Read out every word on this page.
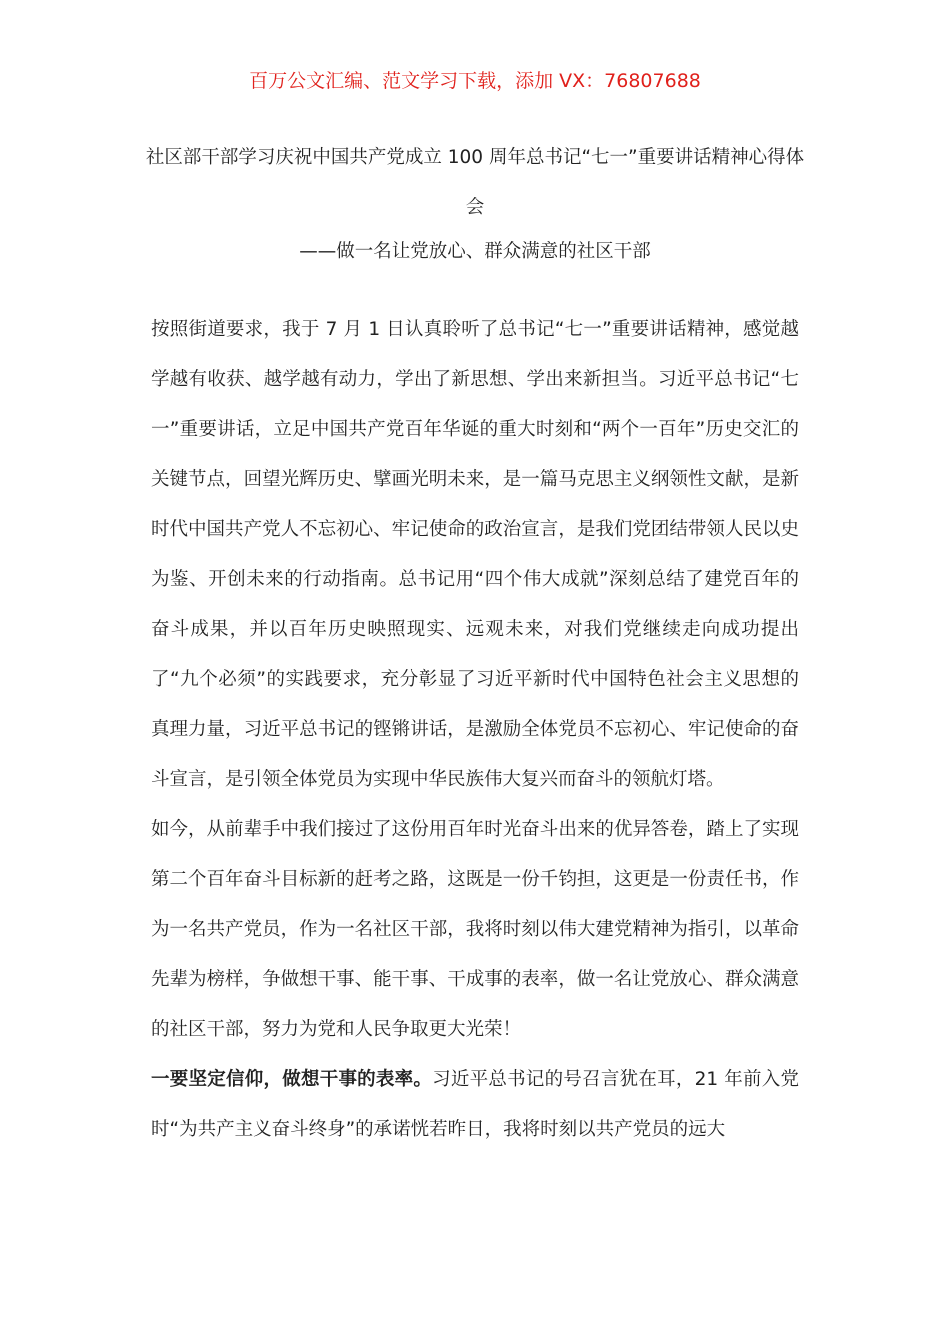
百万公文汇编、范文学习下载，添加 VX：76807688
社区部干部学习庆祝中国共产党成立 100 周年总书记“七一”重要讲话精神心得体会
——做一名让党放心、群众满意的社区干部

按照街道要求，我于 7 月 1 日认真聆听了总书记“七一”重要讲话精神，感觉越学越有收获、越学越有动力，学出了新思想、学出来新担当。习近平总书记“七一”重要讲话，立足中国共产党百年华诞的重大时刻和“两个一百年”历史交汇的关键节点，回望光辉历史、擘画光明未来，是一篇马克思主义纲领性文献，是新时代中国共产党人不忘初心、牢记使命的政治宣言，是我们党团结带领人民以史为鉴、开创未来的行动指南。总书记用“四个伟大成就”深刻总结了建党百年的奋斗成果，并以百年历史映照现实、远观未来，对我们党继续走向成功提出了“九个必须”的实践要求，充分彰显了习近平新时代中国特色社会主义思想的真理力量，习近平总书记的铿锵讲话，是激励全体党员不忘初心、牢记使命的奋斗宣言，是引领全体党员为实现中华民族伟大复兴而奋斗的领航灯塔。

如今，从前辈手中我们接过了这份用百年时光奋斗出来的优异答卷，踏上了实现第二个百年奋斗目标新的赶考之路，这既是一份千钧担，这更是一份责任书，作为一名共产党员，作为一名社区干部，我将时刻以伟大建党精神为指引，以革命先辈为榜样，争做想干事、能干事、干成事的表率，做一名让党放心、群众满意的社区干部，努力为党和人民争取更大光荣！

一要坚定信仰，做想干事的表率。习近平总书记的号召言犹在耳，21 年前入党时“为共产主义奋斗终身”的承诺恍若昨日，我将时刻以共产党员的远大
